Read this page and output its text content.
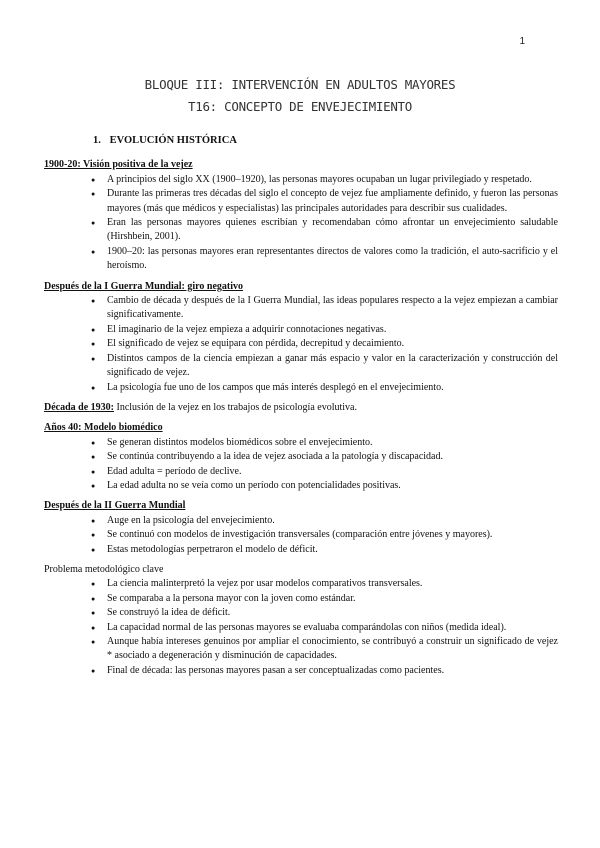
1
BLOQUE III: INTERVENCIÓN EN ADULTOS MAYORES
T16: CONCEPTO DE ENVEJECIMIENTO
1. EVOLUCIÓN HISTÓRICA

1900-20: Visión positiva de la vejez

● A principios del siglo XX (1900–1920), las personas mayores ocupaban un lugar privilegiado y respetado.
● Durante las primeras tres décadas del siglo el concepto de vejez fue ampliamente definido, y fueron las personas mayores (más que médicos y especialistas) las principales autoridades para describir sus cualidades.
● Eran las personas mayores quienes escribían y recomendaban cómo afrontar un envejecimiento saludable (Hirshbein, 2001).
● 1900–20: las personas mayores eran representantes directos de valores como la tradición, el auto-sacrificio y el heroísmo.

Después de la I Guerra Mundial: giro negativo

● Cambio de década y después de la I Guerra Mundial, las ideas populares respecto a la vejez empiezan a cambiar significativamente.
● El imaginario de la vejez empieza a adquirir connotaciones negativas.
● El significado de vejez se equipara con pérdida, decrepitud y decaimiento.
● Distintos campos de la ciencia empiezan a ganar más espacio y valor en la caracterización y construcción del significado de vejez.
● La psicología fue uno de los campos que más interés desplegó en el envejecimiento.

Década de 1930: Inclusión de la vejez en los trabajos de psicología evolutiva.

Años 40: Modelo biomédico

● Se generan distintos modelos biomédicos sobre el envejecimiento.
● Se continúa contribuyendo a la idea de vejez asociada a la patología y discapacidad.
● Edad adulta = período de declive.
● La edad adulta no se veía como un período con potencialidades positivas.

Después de la II Guerra Mundial

● Auge en la psicología del envejecimiento.
● Se continuó con modelos de investigación transversales (comparación entre jóvenes y mayores).
● Estas metodologías perpetraron el modelo de déficit.

Problema metodológico clave

● La ciencia malinterpretó la vejez por usar modelos comparativos transversales.
● Se comparaba a la persona mayor con la joven como estándar.
● Se construyó la idea de déficit.
● La capacidad normal de las personas mayores se evaluaba comparándolas con niños (medida ideal).
● Aunque había intereses genuinos por ampliar el conocimiento, se contribuyó a construir un significado de vejez * asociado a degeneración y disminución de capacidades.
● Final de década: las personas mayores pasan a ser conceptualizadas como pacientes.
